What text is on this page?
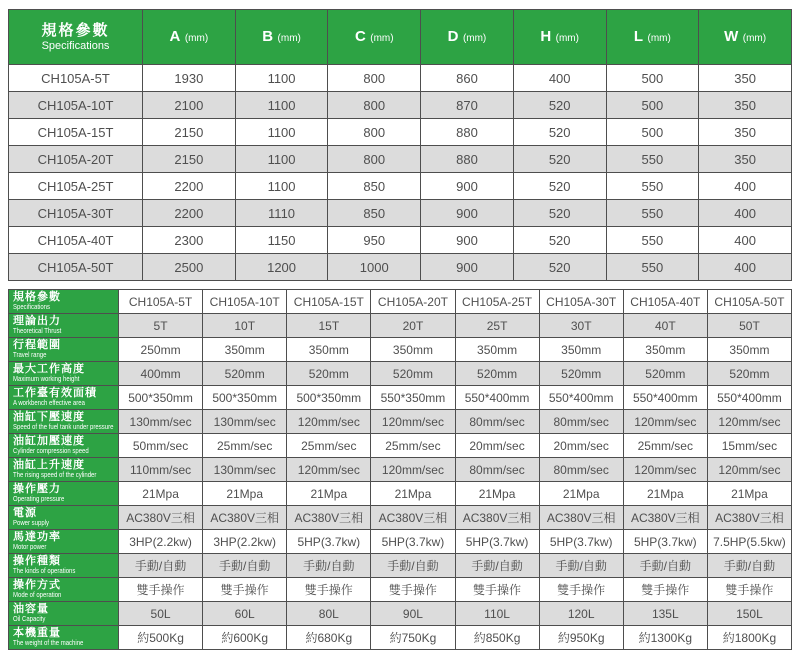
規格參數
Specifications	A (mm)	B (mm)	C (mm)	D (mm)	H (mm)	L (mm)	W (mm)
CH105A-5T	1930	1100	800	860	400	500	350
CH105A-10T	2100	1100	800	870	520	500	350
CH105A-15T	2150	1100	800	880	520	500	350
CH105A-20T	2150	1100	800	880	520	550	350
CH105A-25T	2200	1100	850	900	520	550	400
CH105A-30T	2200	1110	850	900	520	550	400
CH105A-40T	2300	1150	950	900	520	550	400
CH105A-50T	2500	1200	1000	900	520	550	400
規格參數
Specifications	CH105A-5T	CH105A-10T	CH105A-15T	CH105A-20T	CH105A-25T	CH105A-30T	CH105A-40T	CH105A-50T

理論出力
Theoretical Thrust	5T	10T	15T	20T	25T	30T	40T	50T

行程範圍
Travel range	250mm	350mm	350mm	350mm	350mm	350mm	350mm	350mm

最大工作高度
Maximum working height	400mm	520mm	520mm	520mm	520mm	520mm	520mm	520mm

工作臺有效面積
A workbench effective area	500*350mm	500*350mm	500*350mm	550*350mm	550*400mm	550*400mm	550*400mm	550*400mm

油缸下壓速度
Speed of the fuel tank under pressure	130mm/sec	130mm/sec	120mm/sec	120mm/sec	80mm/sec	80mm/sec	120mm/sec	120mm/sec

油缸加壓速度
Cylinder compression speed	50mm/sec	25mm/sec	25mm/sec	25mm/sec	20mm/sec	20mm/sec	25mm/sec	15mm/sec

油缸上升速度
The rising speed of the cylinder	110mm/sec	130mm/sec	120mm/sec	120mm/sec	80mm/sec	80mm/sec	120mm/sec	120mm/sec

操作壓力
Operating pressure	21Mpa	21Mpa	21Mpa	21Mpa	21Mpa	21Mpa	21Mpa	21Mpa

電源
Power supply	AC380V三相	AC380V三相	AC380V三相	AC380V三相	AC380V三相	AC380V三相	AC380V三相	AC380V三相

馬達功率
Motor power	3HP(2.2kw)	3HP(2.2kw)	5HP(3.7kw)	5HP(3.7kw)	5HP(3.7kw)	5HP(3.7kw)	5HP(3.7kw)	7.5HP(5.5kw)

操作種類
The kinds of operations	手動/自動	手動/自動	手動/自動	手動/自動	手動/自動	手動/自動	手動/自動	手動/自動

操作方式
Mode of operation	雙手操作	雙手操作	雙手操作	雙手操作	雙手操作	雙手操作	雙手操作	雙手操作

油容量
Oil Capacity	50L	60L	80L	90L	110L	120L	135L	150L

本機重量
The weight of the machine	約500Kg	約600Kg	約680Kg	約750Kg	約850Kg	約950Kg	約1300Kg	約1800Kg
